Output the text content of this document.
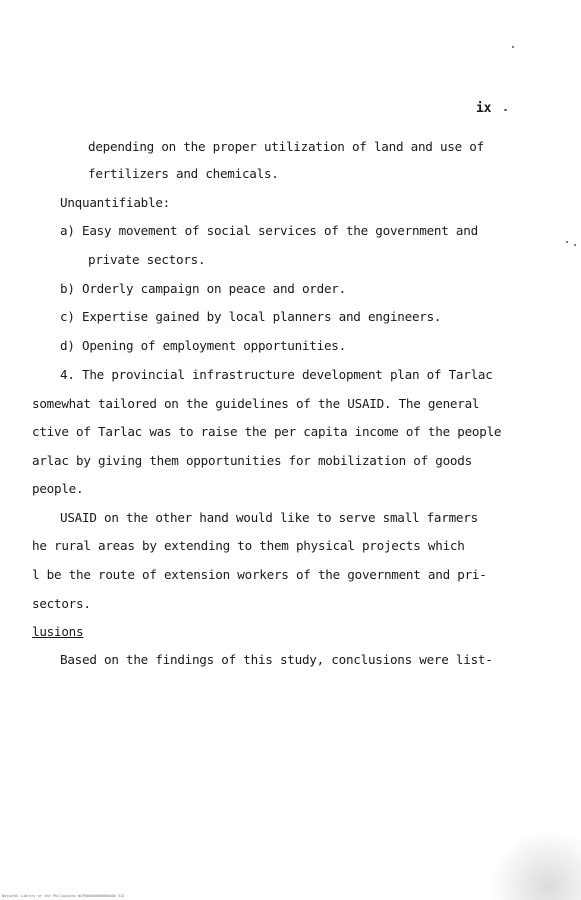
ix
depending on the proper utilization of land and use of
fertilizers and chemicals.
Unquantifiable:
a) Easy movement of social services of the government and
private sectors.
b) Orderly campaign on peace and order.
c) Expertise gained by local planners and engineers.
d) Opening of employment opportunities.
4. The provincial infrastructure development plan of Tarlac
somewhat tailored on the guidelines of the USAID. The general
ctive of Tarlac was to raise the per capita income of the people
arlac by giving them opportunities for mobilization of goods
people.
USAID on the other hand would like to serve small farmers
he rural areas by extending to them physical projects which
l be the route of extension workers of the government and pri-
sectors.
lusions
Based on the findings of this study, conclusions were list-
National Library of the Philippines NLP000000000000000 315
